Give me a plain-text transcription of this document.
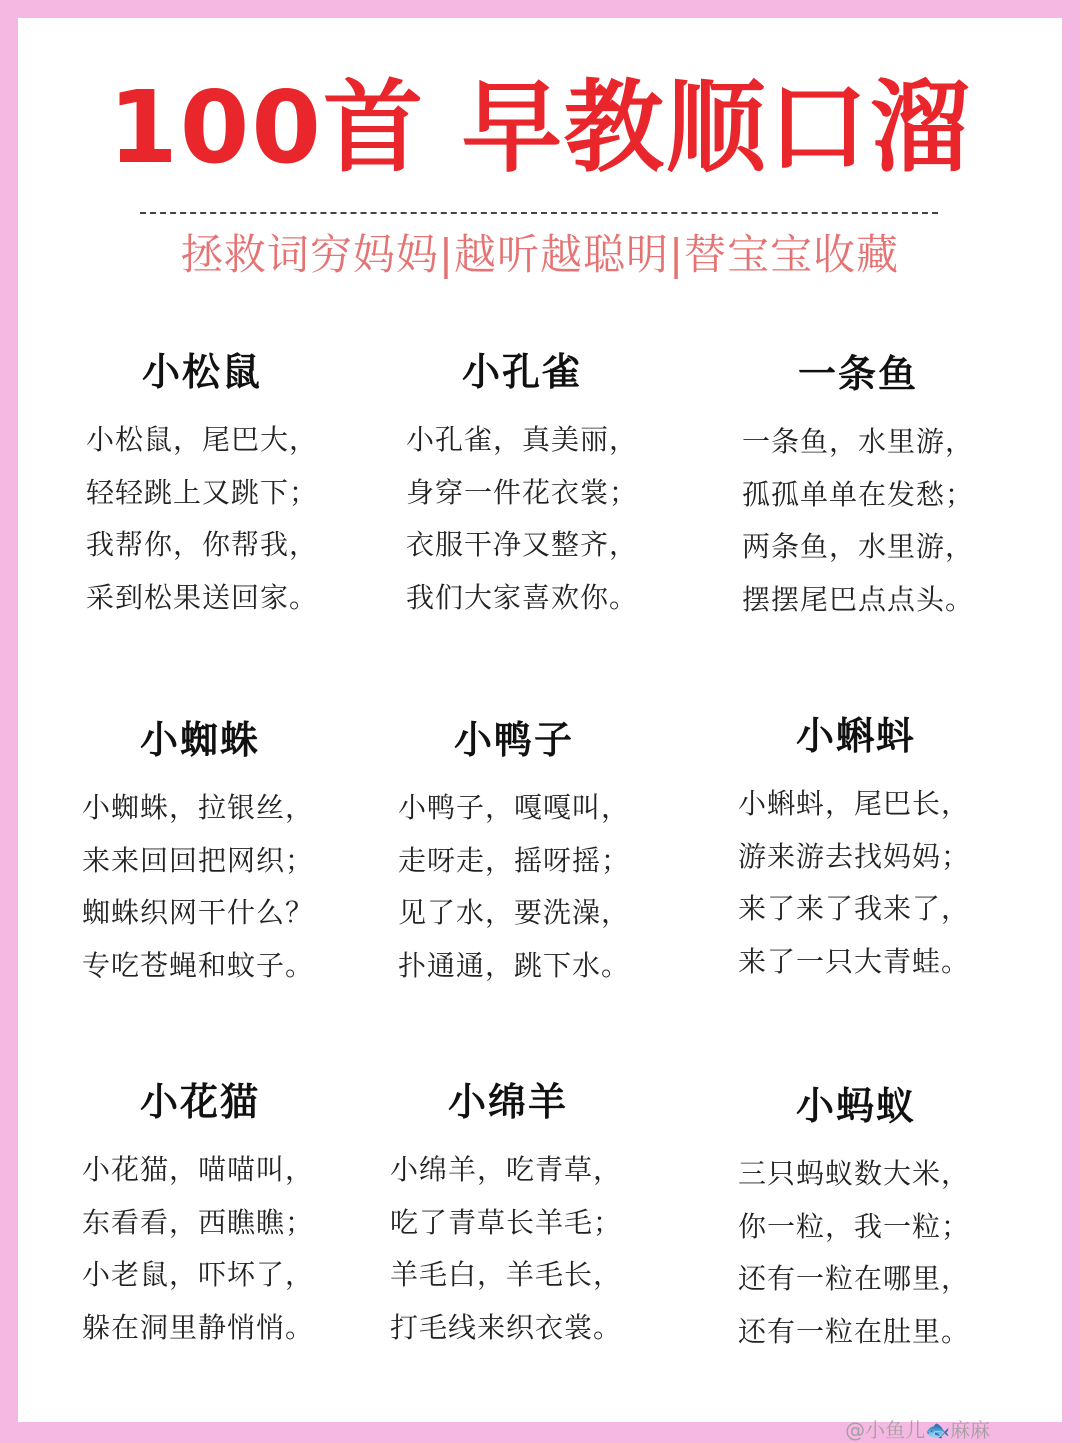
100首 早教顺口溜
拯救词穷妈妈|越听越聪明|替宝宝收藏
小松鼠
小松鼠，尾巴大，
轻轻跳上又跳下；
我帮你，你帮我，
采到松果送回家。
小孔雀
小孔雀，真美丽，
身穿一件花衣裳；
衣服干净又整齐，
我们大家喜欢你。
一条鱼
一条鱼，水里游，
孤孤单单在发愁；
两条鱼，水里游，
摆摆尾巴点点头。
小蜘蛛
小蜘蛛，拉银丝，
来来回回把网织；
蜘蛛织网干什么？
专吃苍蝇和蚊子。
小鸭子
小鸭子，嘎嘎叫，
走呀走，摇呀摇；
见了水，要洗澡，
扑通通，跳下水。
小蝌蚪
小蝌蚪，尾巴长，
游来游去找妈妈；
来了来了我来了，
来了一只大青蛙。
小花猫
小花猫，喵喵叫，
东看看，西瞧瞧；
小老鼠，吓坏了，
躲在洞里静悄悄。
小绵羊
小绵羊，吃青草，
吃了青草长羊毛；
羊毛白，羊毛长，
打毛线来织衣裳。
小蚂蚁
三只蚂蚁数大米，
你一粒，我一粒；
还有一粒在哪里，
还有一粒在肚里。
@小鱼儿🐟麻麻
